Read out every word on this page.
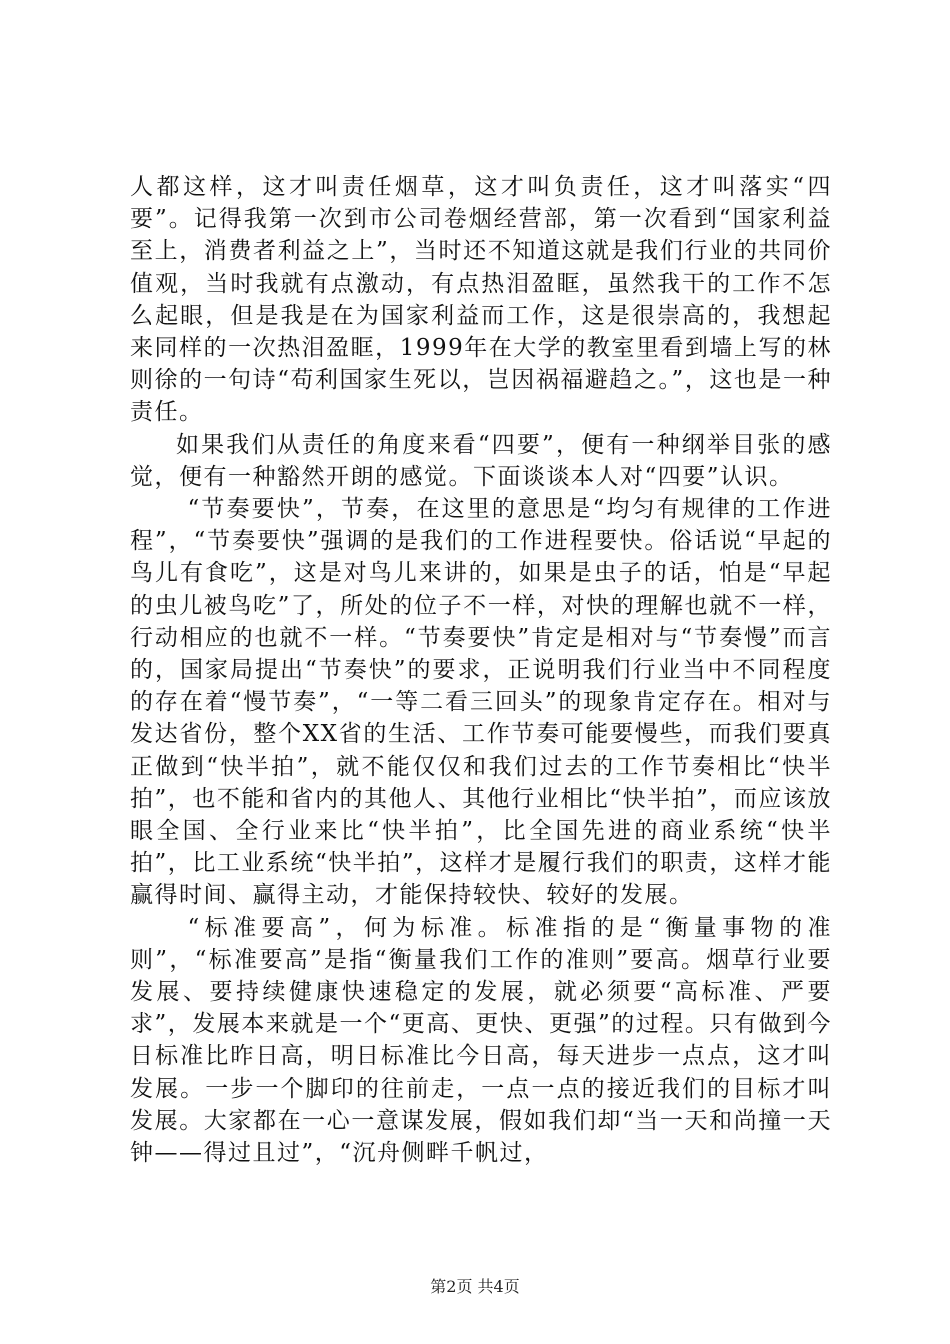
人都这样，这才叫责任烟草，这才叫负责任，这才叫落实“四要”。记得我第一次到市公司卷烟经营部，第一次看到“国家利益至上，消费者利益之上”，当时还不知道这就是我们行业的共同价值观，当时我就有点激动，有点热泪盈眶，虽然我干的工作不怎么起眼，但是我是在为国家利益而工作，这是很崇高的，我想起来同样的一次热泪盈眶，1999年在大学的教室里看到墙上写的林则徐的一句诗“苟利国家生死以，岂因祸福避趋之。”，这也是一种责任。

如果我们从责任的角度来看“四要”，便有一种纲举目张的感觉，便有一种豁然开朗的感觉。下面谈谈本人对“四要”认识。

“节奏要快”，节奏，在这里的意思是“均匀有规律的工作进程”，“节奏要快”强调的是我们的工作进程要快。俗话说“早起的鸟儿有食吃”，这是对鸟儿来讲的，如果是虫子的话，怕是“早起的虫儿被鸟吃”了，所处的位子不一样，对快的理解也就不一样，行动相应的也就不一样。“节奏要快”肯定是相对与“节奏慢”而言的，国家局提出“节奏快”的要求，正说明我们行业当中不同程度的存在着“慢节奏”，“一等二看三回头”的现象肯定存在。相对与发达省份，整个XX省的生活、工作节奏可能要慢些，而我们要真正做到“快半拍”，就不能仅仅和我们过去的工作节奏相比“快半拍”，也不能和省内的其他人、其他行业相比“快半拍”，而应该放眼全国、全行业来比“快半拍”，比全国先进的商业系统“快半拍”，比工业系统“快半拍”，这样才是履行我们的职责，这样才能赢得时间、赢得主动，才能保持较快、较好的发展。

“标准要高”，何为标准。标准指的是“衡量事物的准则”，“标准要高”是指“衡量我们工作的准则”要高。烟草行业要发展、要持续健康快速稳定的发展，就必须要“高标准、严要求”，发展本来就是一个“更高、更快、更强”的过程。只有做到今日标准比昨日高，明日标准比今日高，每天进步一点点，这才叫发展。一步一个脚印的往前走，一点一点的接近我们的目标才叫发展。大家都在一心一意谋发展，假如我们却“当一天和尚撞一天钟——得过且过”，“沉舟侧畔千帆过，

第2页 共4页
